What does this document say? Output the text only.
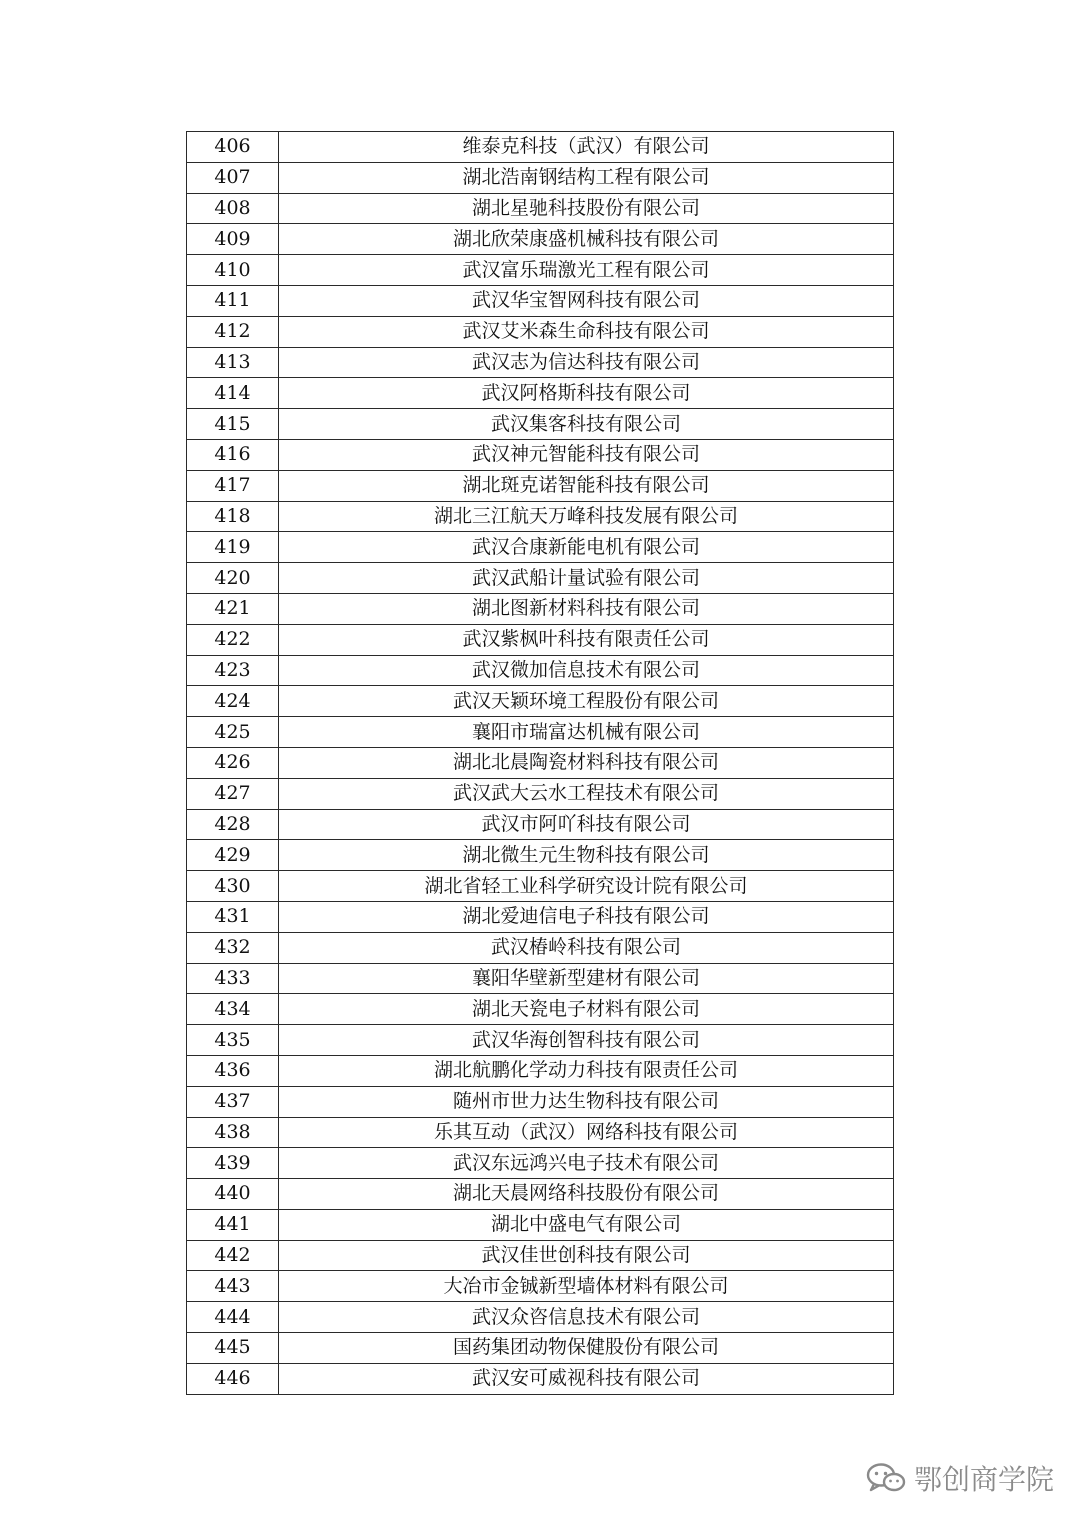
406	维泰克科技（武汉）有限公司
407	湖北浩南钢结构工程有限公司
408	湖北星驰科技股份有限公司
409	湖北欣荣康盛机械科技有限公司
410	武汉富乐瑞激光工程有限公司
411	武汉华宝智网科技有限公司
412	武汉艾米森生命科技有限公司
413	武汉志为信达科技有限公司
414	武汉阿格斯科技有限公司
415	武汉集客科技有限公司
416	武汉神元智能科技有限公司
417	湖北斑克诺智能科技有限公司
418	湖北三江航天万峰科技发展有限公司
419	武汉合康新能电机有限公司
420	武汉武船计量试验有限公司
421	湖北图新材料科技有限公司
422	武汉紫枫叶科技有限责任公司
423	武汉微加信息技术有限公司
424	武汉天颖环境工程股份有限公司
425	襄阳市瑞富达机械有限公司
426	湖北北晨陶瓷材料科技有限公司
427	武汉武大云水工程技术有限公司
428	武汉市阿吖科技有限公司
429	湖北微生元生物科技有限公司
430	湖北省轻工业科学研究设计院有限公司
431	湖北爱迪信电子科技有限公司
432	武汉椿岭科技有限公司
433	襄阳华壁新型建材有限公司
434	湖北天瓷电子材料有限公司
435	武汉华海创智科技有限公司
436	湖北航鹏化学动力科技有限责任公司
437	随州市世力达生物科技有限公司
438	乐其互动（武汉）网络科技有限公司
439	武汉东远鸿兴电子技术有限公司
440	湖北天晨网络科技股份有限公司
441	湖北中盛电气有限公司
442	武汉佳世创科技有限公司
443	大冶市金铖新型墙体材料有限公司
444	武汉众咨信息技术有限公司
445	国药集团动物保健股份有限公司
446	武汉安可威视科技有限公司
鄂创商学院
